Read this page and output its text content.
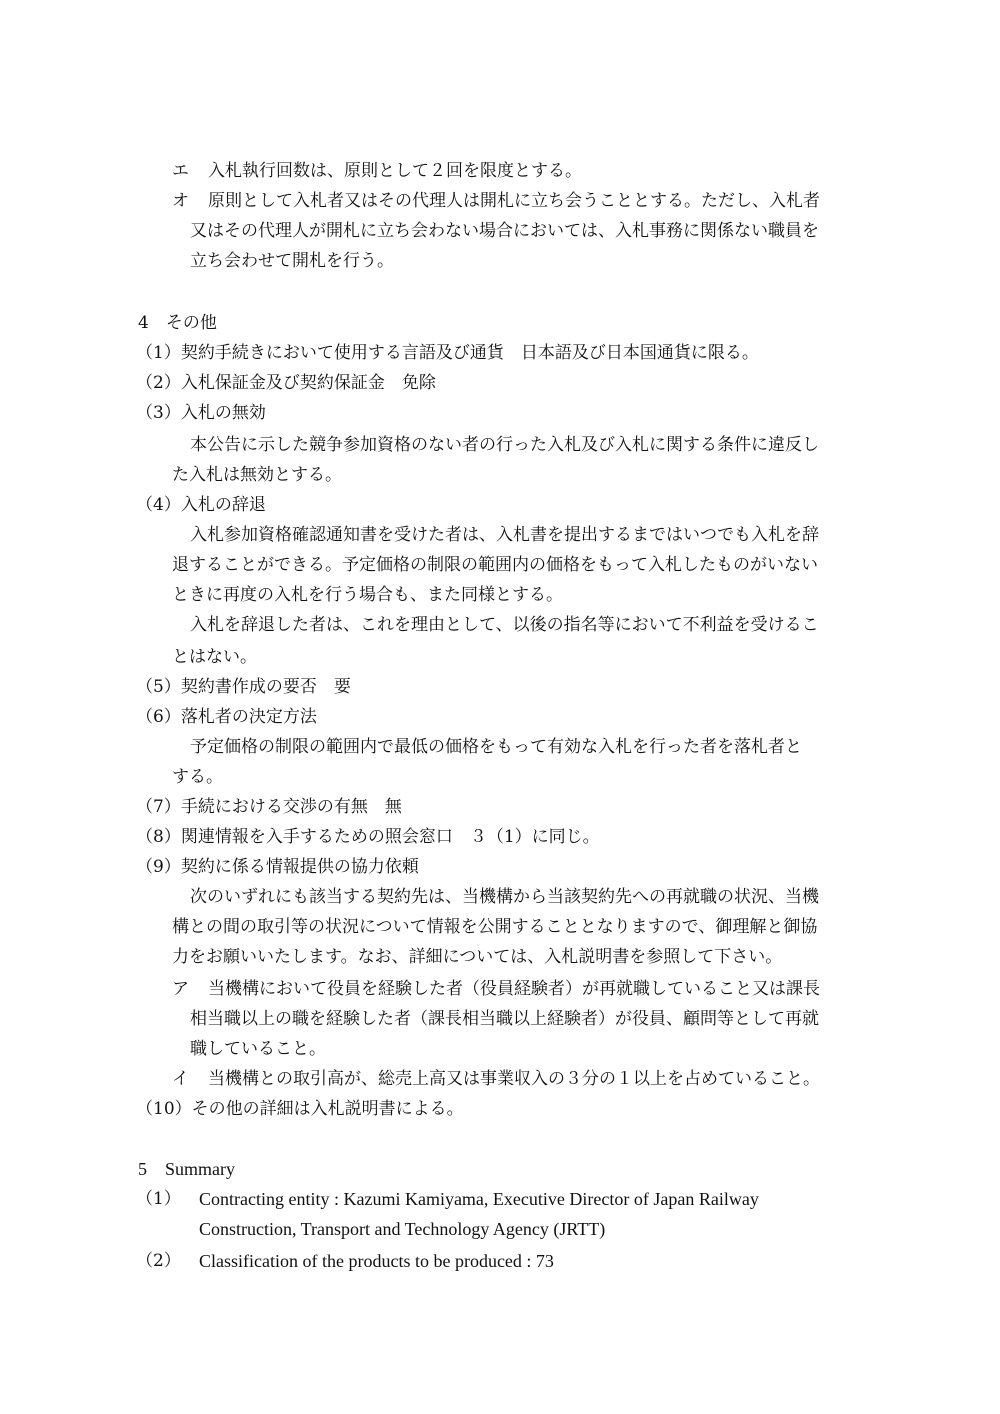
エ 入札執行回数は、原則として２回を限度とする。
オ 原則として入札者又はその代理人は開札に立ち会うこととする。ただし、入札者
又はその代理人が開札に立ち会わない場合においては、入札事務に関係ない職員を
立ち会わせて開札を行う。
4　その他
（1）契約手続きにおいて使用する言語及び通貨　日本語及び日本国通貨に限る。
（2）入札保証金及び契約保証金　免除
（3）入札の無効
本公告に示した競争参加資格のない者の行った入札及び入札に関する条件に違反し
た入札は無効とする。
（4）入札の辞退
入札参加資格確認通知書を受けた者は、入札書を提出するまではいつでも入札を辞
退することができる。予定価格の制限の範囲内の価格をもって入札したものがいない
ときに再度の入札を行う場合も、また同様とする。
入札を辞退した者は、これを理由として、以後の指名等において不利益を受けるこ
とはない。
（5）契約書作成の要否　要
（6）落札者の決定方法
予定価格の制限の範囲内で最低の価格をもって有効な入札を行った者を落札者と
する。
（7）手続における交渉の有無　無
（8）関連情報を入手するための照会窓口　３（1）に同じ。
（9）契約に係る情報提供の協力依頼
次のいずれにも該当する契約先は、当機構から当該契約先への再就職の状況、当機
構との間の取引等の状況について情報を公開することとなりますので、御理解と御協
力をお願いいたします。なお、詳細については、入札説明書を参照して下さい。
ア 当機構において役員を経験した者（役員経験者）が再就職していること又は課長
相当職以上の職を経験した者（課長相当職以上経験者）が役員、顧問等として再就
職していること。
イ 当機構との取引高が、総売上高又は事業収入の３分の１以上を占めていること。
（10）その他の詳細は入札説明書による。
5　Summary
（1） Contracting entity : Kazumi Kamiyama, Executive Director of Japan Railway
Construction, Transport and Technology Agency (JRTT)
（2） Classification of the products to be produced : 73
